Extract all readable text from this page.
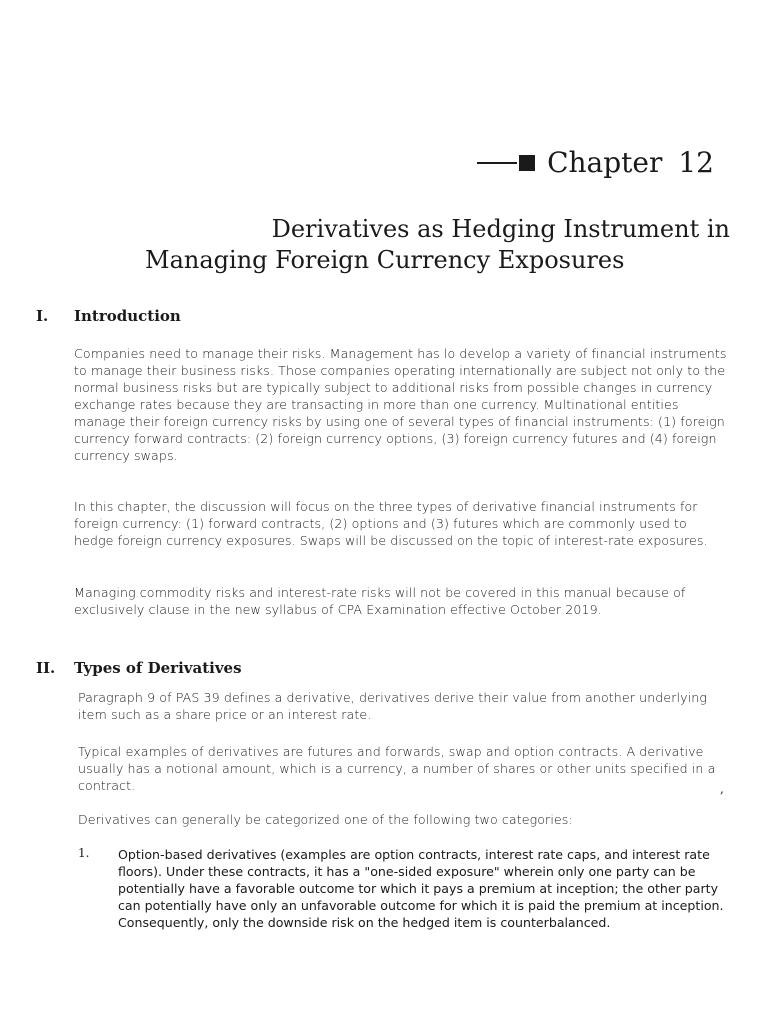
Chapter 12
Derivatives as Hedging Instrument in
Managing Foreign Currency Exposures
I. Introduction

Companies need to manage their risks. Management has lo develop a variety of financial instruments to manage their business risks. Those companies operating internationally are subject not only to the normal business risks but are typically subject to additional risks from possible changes in currency exchange rates because they are transacting in more than one currency. Multinational entities manage their foreign currency risks by using one of several types of financial instruments: (1) foreign currency forward contracts: (2) foreign currency options, (3) foreign currency futures and (4) foreign currency swaps.

In this chapter, the discussion will focus on the three types of derivative financial instruments for foreign currency: (1) forward contracts, (2) options and (3) futures which are commonly used to hedge foreign currency exposures. Swaps will be discussed on the topic of interest-rate exposures.

Managing commodity risks and interest-rate risks will not be covered in this manual because of exclusively clause in the new syllabus of CPA Examination effective October 2019.

II. Types of Derivatives

Paragraph 9 of PAS 39 defines a derivative, derivatives derive their value from another underlying item such as a share price or an interest rate.

Typical examples of derivatives are futures and forwards, swap and option contracts. A derivative usually has a notional amount, which is a currency, a number of shares or other units specified in a contract.	,

Derivatives can generally be categorized one of the following two categories:

1. Option-based derivatives (examples are option contracts, interest rate caps, and interest rate floors). Under these contracts, it has a "one-sided exposure" wherein only one party can be potentially have a favorable outcome tor which it pays a premium at inception; the other party can potentially have only an unfavorable outcome for which it is paid the premium at inception. Consequently, only the downside risk on the hedged item is counterbalanced.
